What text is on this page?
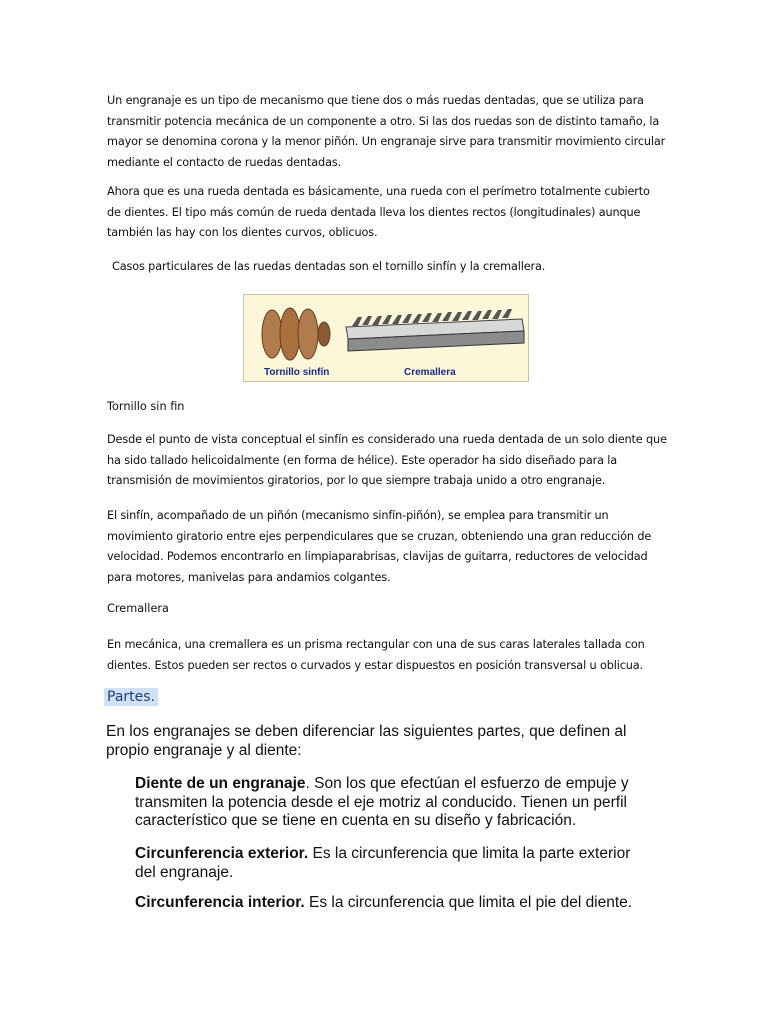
Un engranaje es un tipo de mecanismo que tiene dos o más ruedas dentadas, que se utiliza para transmitir potencia mecánica de un componente a otro. Si las dos ruedas son de distinto tamaño, la mayor se denomina corona y la menor piñón. Un engranaje sirve para transmitir movimiento circular mediante el contacto de ruedas dentadas.

Ahora que es una rueda dentada es básicamente, una rueda con el perímetro totalmente cubierto de dientes. El tipo más común de rueda dentada lleva los dientes rectos (longitudinales) aunque también las hay con los dientes curvos, oblicuos.

Casos particulares de las ruedas dentadas son el tornillo sinfín y la cremallera.

Tornillo sinfín	Cremallera

Tornillo sin fin

Desde el punto de vista conceptual el sinfín es considerado una rueda dentada de un solo diente que ha sido tallado helicoidalmente (en forma de hélice). Este operador ha sido diseñado para la transmisión de movimientos giratorios, por lo que siempre trabaja unido a otro engranaje.

El sinfín, acompañado de un piñón (mecanismo sinfín-piñón), se emplea para transmitir un movimiento giratorio entre ejes perpendiculares que se cruzan, obteniendo una gran reducción de velocidad. Podemos encontrarlo en limpiaparabrisas, clavijas de guitarra, reductores de velocidad para motores, manivelas para andamios colgantes.

Cremallera

En mecánica, una cremallera es un prisma rectangular con una de sus caras laterales tallada con dientes. Estos pueden ser rectos o curvados y estar dispuestos en posición transversal u oblicua.

Partes.

En los engranajes se deben diferenciar las siguientes partes, que definen al propio engranaje y al diente:

Diente de un engranaje. Son los que efectúan el esfuerzo de empuje y transmiten la potencia desde el eje motriz al conducido. Tienen un perfil característico que se tiene en cuenta en su diseño y fabricación.

Circunferencia exterior. Es la circunferencia que limita la parte exterior del engranaje.

Circunferencia interior. Es la circunferencia que limita el pie del diente.
